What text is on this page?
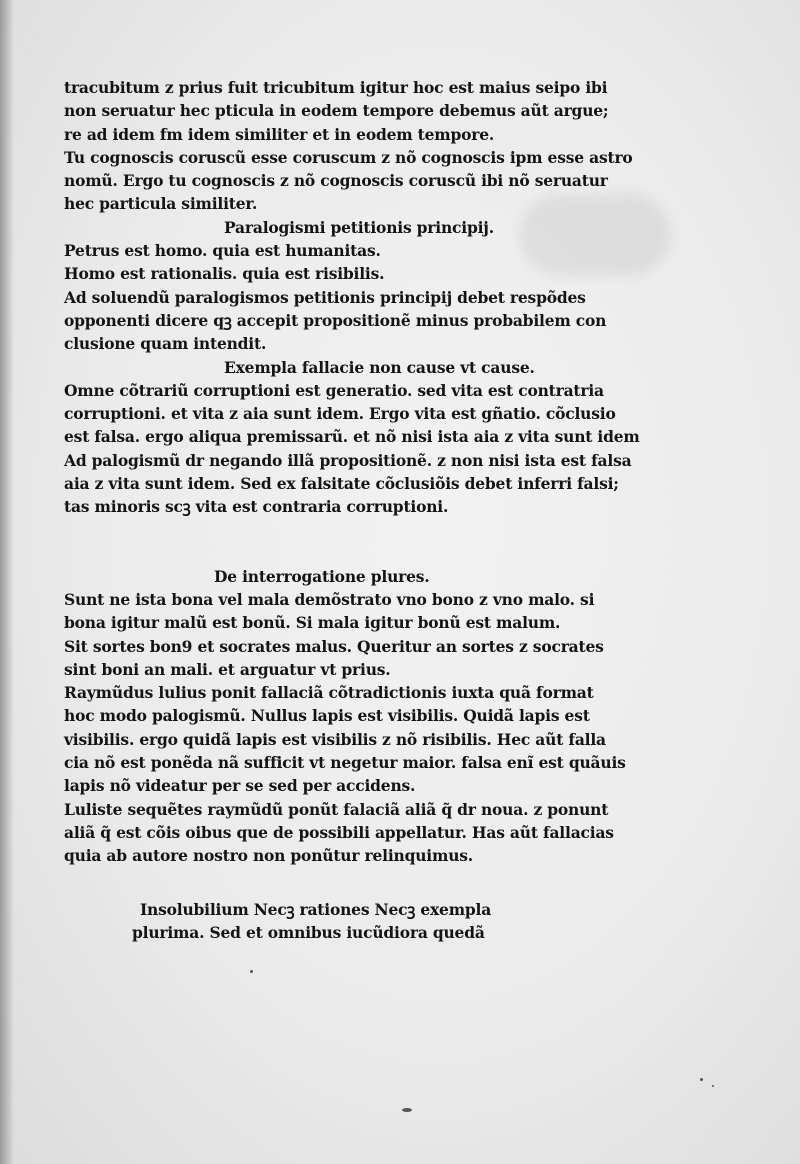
tracubitum z prius fuit tricubitum igitur hoc est maius seipo ibi
non seruatur hec pticula in eodem tempore debemus aũt argue;
re ad idem fm idem similiter et in eodem tempore.
Tu cognoscis coruscũ esse coruscum z nõ cognoscis ipm esse astro
nomũ. Ergo tu cognoscis z nõ cognoscis coruscũ ibi nõ seruatur
hec particula similiter.
Paralogismi petitionis principij.
Petrus est homo. quia est humanitas.
Homo est rationalis. quia est risibilis.
Ad soluendũ paralogismos petitionis principij debet respõdes
opponenti dicere qꝫ accepit propositionẽ minus probabilem con
clusione quam intendit.
Exempla fallacie non cause vt cause.
Omne cõtrariũ corruptioni est generatio. sed vita est contratria
corruptioni. et vita z aia sunt idem. Ergo vita est gñatio. cõclusio
est falsa. ergo aliqua premissarũ. et nõ nisi ista aia z vita sunt idem
Ad palogismũ dr negando illã propositionẽ. z non nisi ista est falsa
aia z vita sunt idem. Sed ex falsitate cõclusiõis debet inferri falsi;
tas minoris scꝫ vita est contraria corruptioni.
De interrogatione plures.
Sunt ne ista bona vel mala demõstrato vno bono z vno malo. si
bona igitur malũ est bonũ. Si mala igitur bonũ est malum.
Sit sortes bon9 et socrates malus. Queritur an sortes z socrates
sint boni an mali. et arguatur vt prius.
Raymũdus lulius ponit fallaciã cõtradictionis iuxta quã format
hoc modo palogismũ. Nullus lapis est visibilis. Quidã lapis est
visibilis. ergo quidã lapis est visibilis z nõ risibilis. Hec aũt falla
cia nõ est ponẽda nã sufficit vt negetur maior. falsa enĩ est quãuis
lapis nõ videatur per se sed per accidens.
Luliste sequẽtes raymũdũ ponũt falaciã aliã q̃ dr noua. z ponunt
aliã q̃ est cõis oibus que de possibili appellatur. Has aũt fallacias
quia ab autore nostro non ponũtur relinquimus.
Insolubilium Necꝫ rationes Necꝫ exempla
plurima. Sed et omnibus iucũdiora quedã
